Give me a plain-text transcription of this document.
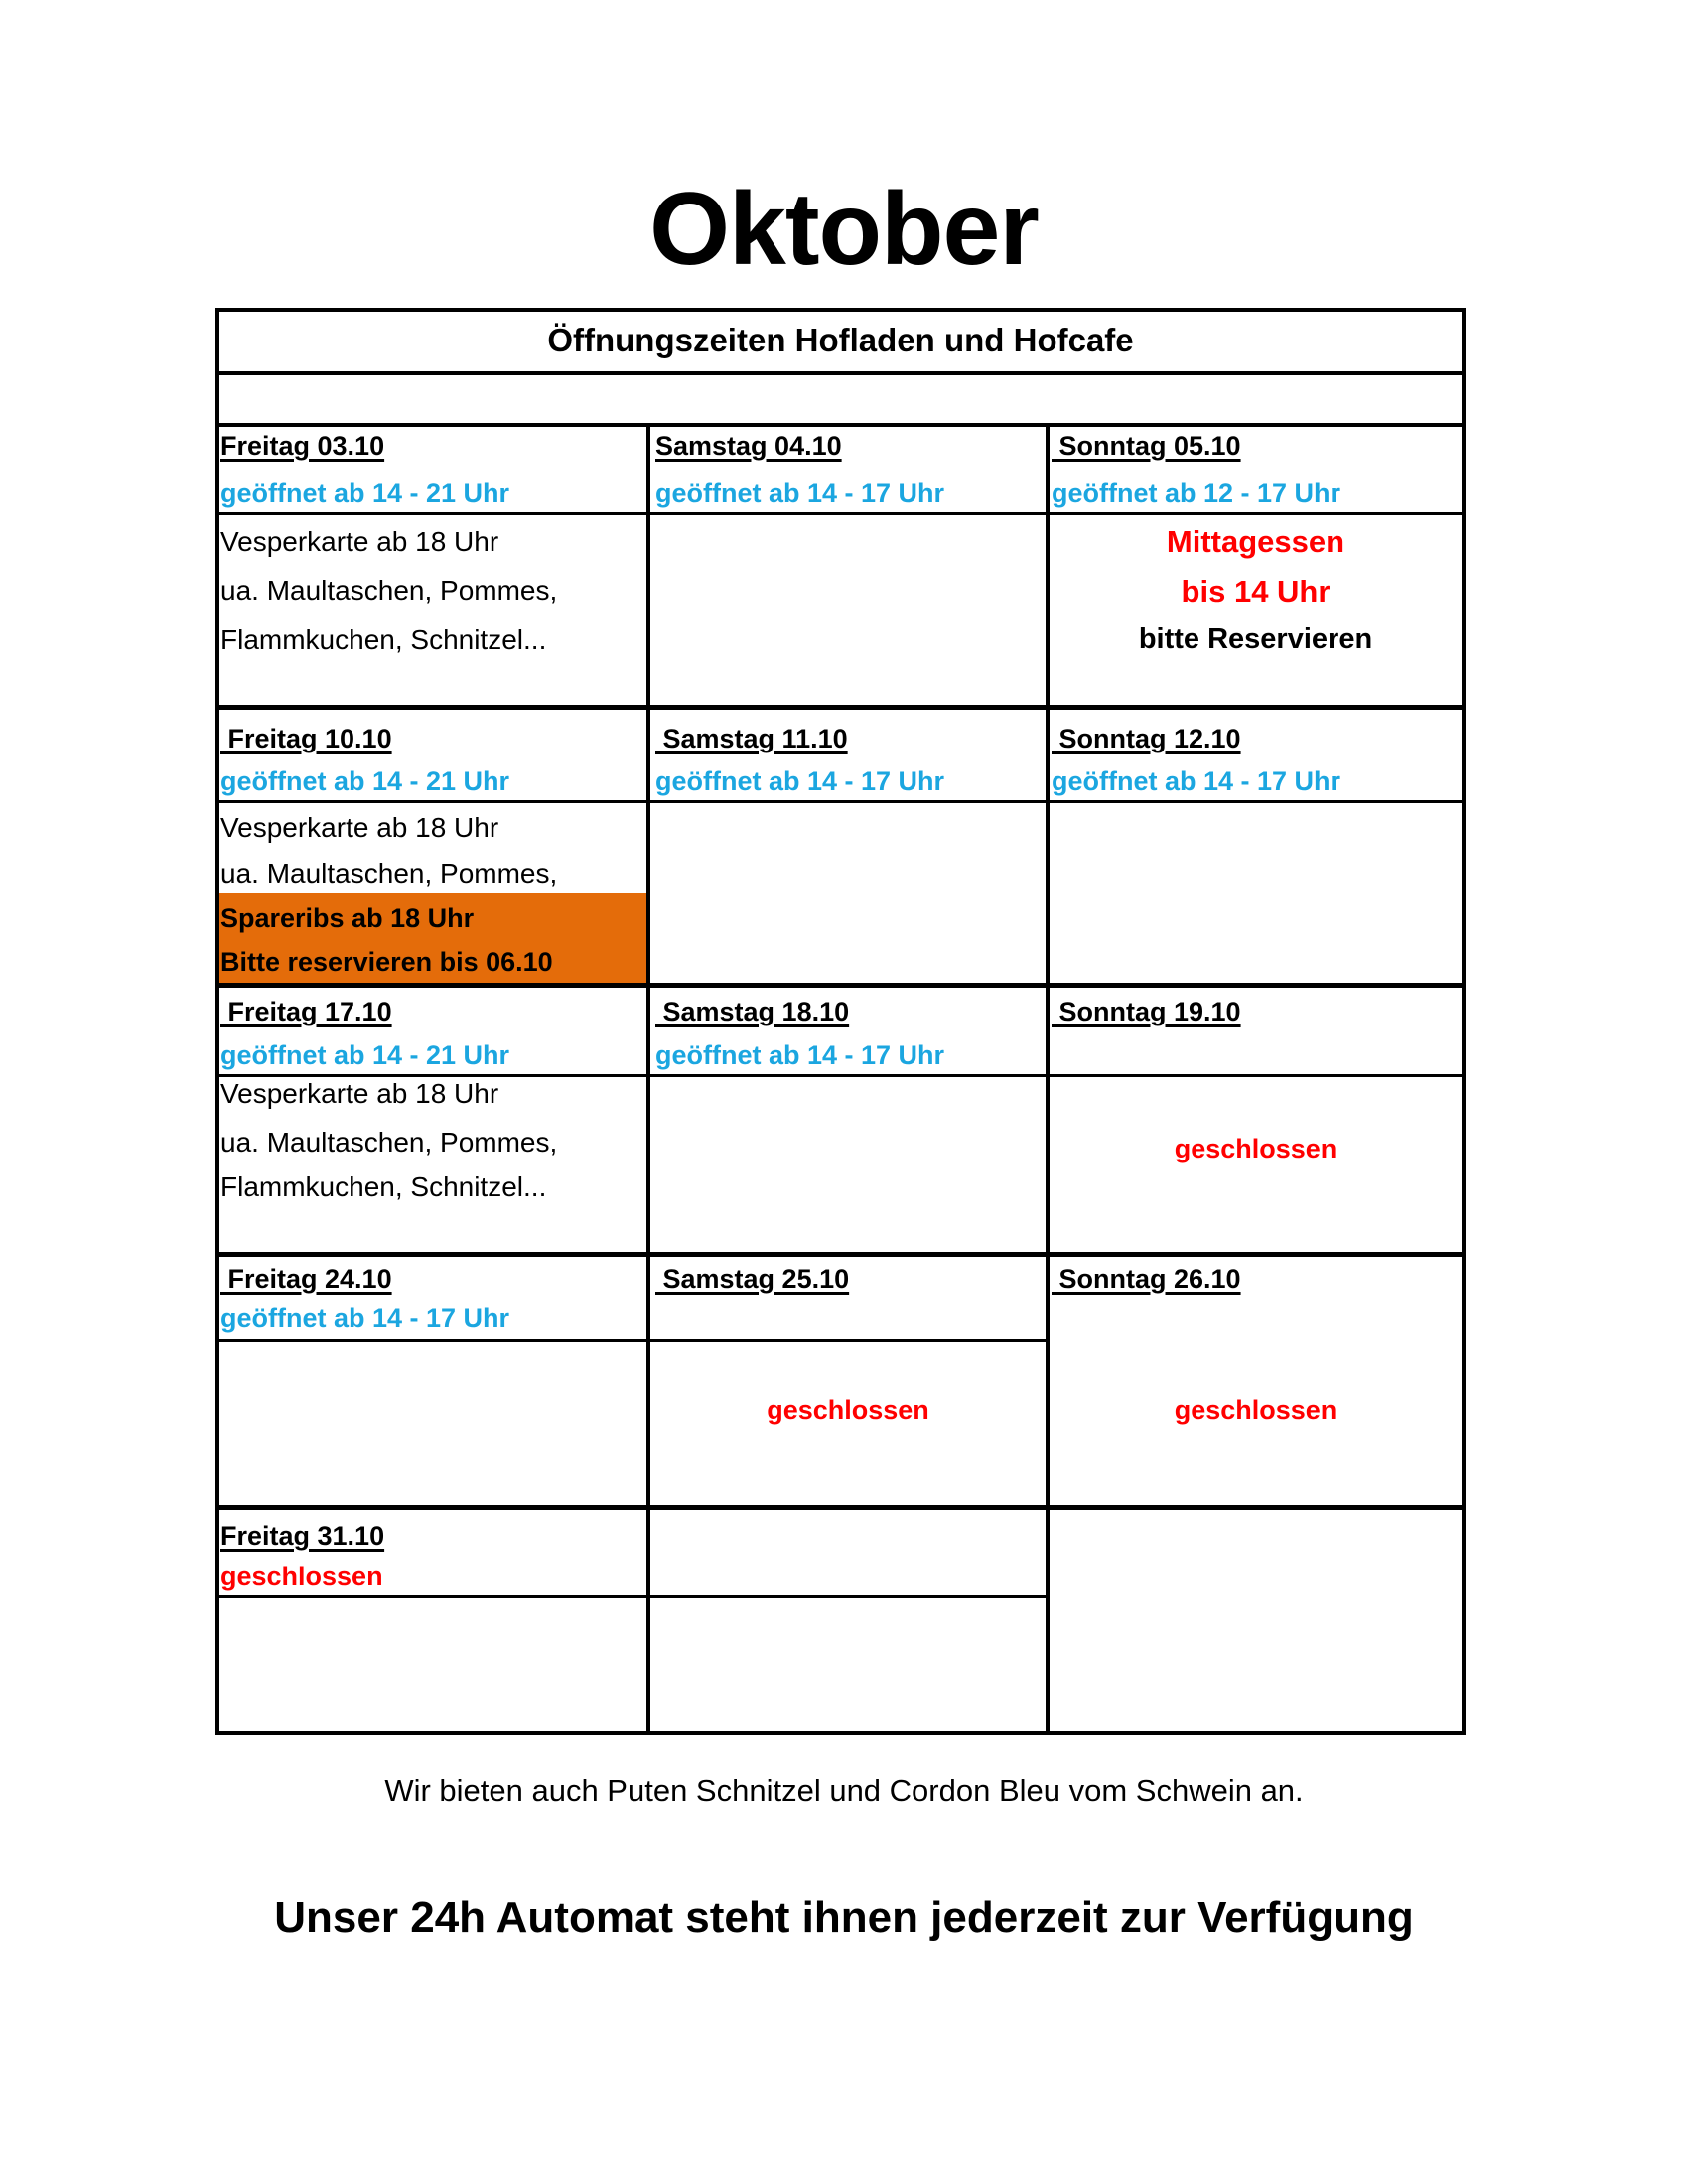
Oktober
Öffnungszeiten Hofladen und Hofcafe
Freitag 03.10
geöffnet ab 14 - 21 Uhr
Vesperkarte ab 18 Uhr
ua. Maultaschen, Pommes,
Flammkuchen, Schnitzel...
Samstag 04.10
geöffnet ab 14 - 17 Uhr
Sonntag 05.10
geöffnet ab 12 - 17 Uhr
Mittagessen
bis 14 Uhr
bitte Reservieren
Freitag 10.10
geöffnet ab 14 - 21 Uhr
Vesperkarte ab 18 Uhr
ua. Maultaschen, Pommes,
Spareribs ab 18 Uhr
Bitte reservieren bis 06.10
Samstag 11.10
geöffnet ab 14 - 17 Uhr
Sonntag 12.10
geöffnet ab 14 - 17 Uhr
Freitag 17.10
geöffnet ab 14 - 21 Uhr
Vesperkarte ab 18 Uhr
ua. Maultaschen, Pommes,
Flammkuchen, Schnitzel...
Samstag 18.10
geöffnet ab 14 - 17 Uhr
Sonntag 19.10
geschlossen
Freitag 24.10
geöffnet ab 14 - 17 Uhr
Samstag 25.10
geschlossen
Sonntag 26.10
geschlossen
Freitag 31.10
geschlossen
Wir bieten auch Puten Schnitzel und Cordon Bleu vom Schwein an.
Unser 24h Automat steht ihnen jederzeit zur Verfügung
